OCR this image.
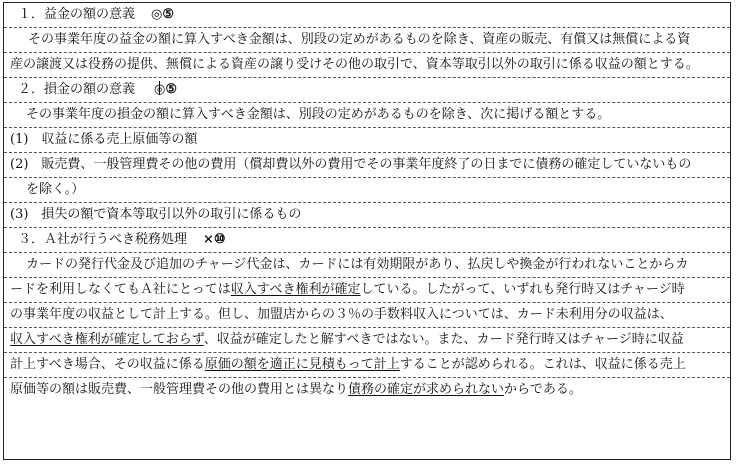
１．益金の額の意義 ◎⑤
その事業年度の益金の額に算入すべき金額は、別段の定めがあるものを除き、資産の販売、有償又は無償による資
産の譲渡又は役務の提供、無償による資産の譲り受けその他の取引で、資本等取引以外の取引に係る収益の額とする。
２．損金の額の意義 ◎⑤
その事業年度の損金の額に算入すべき金額は、別段の定めがあるものを除き、次に掲げる額とする。
(1)　収益に係る売上原価等の額
(2)　販売費、一般管理費その他の費用（償却費以外の費用でその事業年度終了の日までに債務の確定していないもの
を除く。）
(3)　損失の額で資本等取引以外の取引に係るもの
３．Ａ社が行うべき税務処理 ×⑩
カードの発行代金及び追加のチャージ代金は、カードには有効期限があり、払戻しや換金が行われないことからカ
ードを利用しなくてもＡ社にとっては収入すべき権利が確定している。したがって、いずれも発行時又はチャージ時
の事業年度の収益として計上する。但し、加盟店からの３％の手数料収入については、カード未利用分の収益は、
収入すべき権利が確定しておらず、収益が確定したと解すべきではない。また、カード発行時又はチャージ時に収益
計上すべき場合、その収益に係る原価の額を適正に見積もって計上することが認められる。これは、収益に係る売上
原価等の額は販売費、一般管理費その他の費用とは異なり債務の確定が求められないからである。
